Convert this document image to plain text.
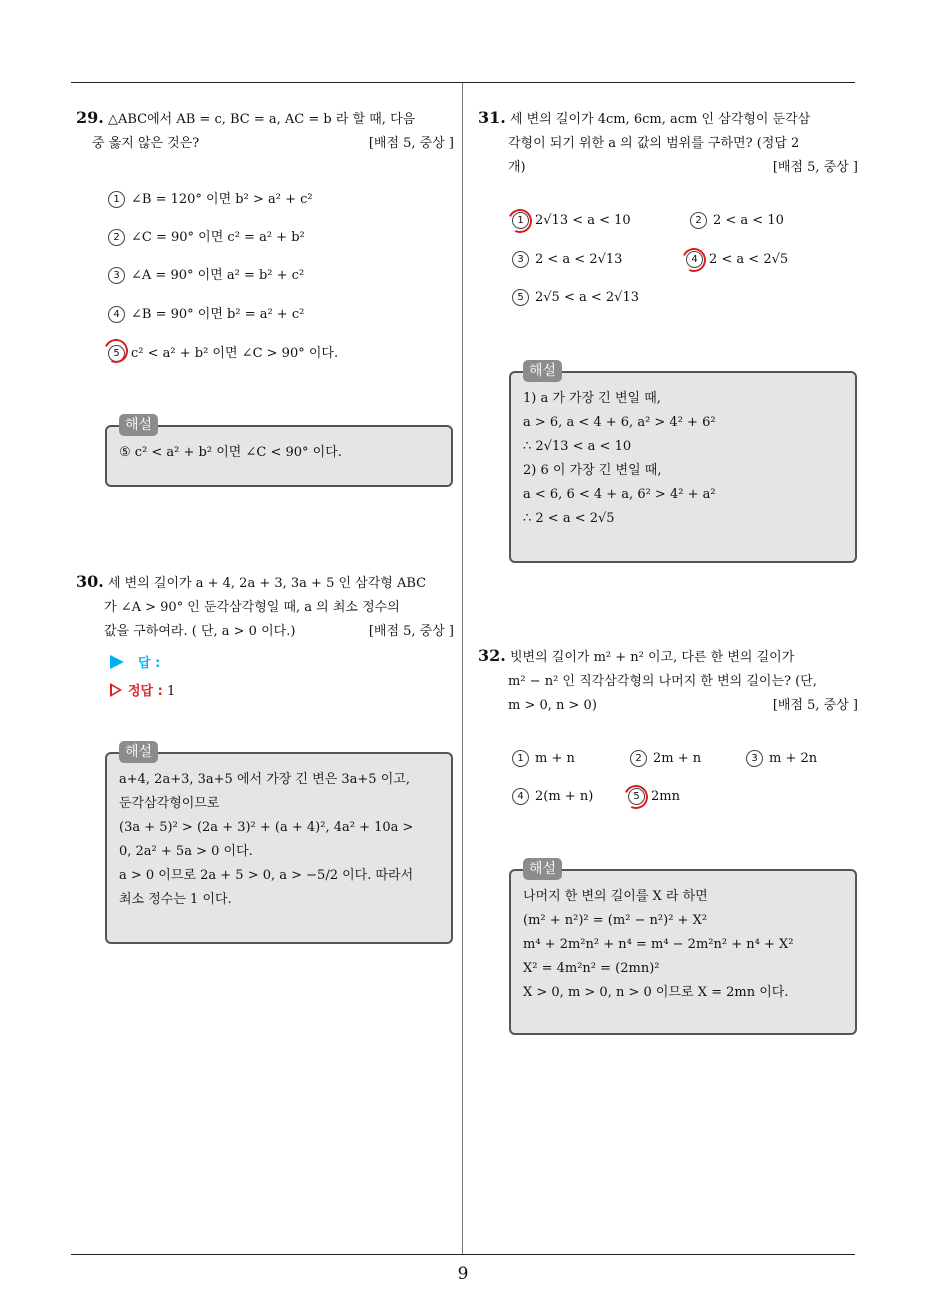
9
29. △ABC에서 AB = c, BC = a, AC = b 라 할 때, 다음
중 옳지 않은 것은?	[배점 5, 중상 ]
1 ∠B = 120° 이면 b² > a² + c²
2 ∠C = 90° 이면 c² = a² + b²
3 ∠A = 90° 이면 a² = b² + c²
4 ∠B = 90° 이면 b² = a² + c²
5 c² < a² + b² 이면 ∠C > 90° 이다.
해설
⑤ c² < a² + b² 이면 ∠C < 90° 이다.
30. 세 변의 길이가 a + 4, 2a + 3, 3a + 5 인 삼각형 ABC
가 ∠A > 90° 인 둔각삼각형일 때, a 의 최소 정수의
값을 구하여라. ( 단, a > 0 이다.)	[배점 5, 중상 ]
답 :
정답 : 1
해설
a+4, 2a+3, 3a+5 에서 가장 긴 변은 3a+5 이고,
둔각삼각형이므로
(3a + 5)² > (2a + 3)² + (a + 4)², 4a² + 10a >
0, 2a² + 5a > 0 이다.
a > 0 이므로 2a + 5 > 0, a > −5/2 이다. 따라서
최소 정수는 1 이다.
31. 세 변의 길이가 4cm, 6cm, acm 인 삼각형이 둔각삼
각형이 되기 위한 a 의 값의 범위를 구하면? (정답 2
개)	[배점 5, 중상 ]
1 2√13 < a < 10	2 2 < a < 10
3 2 < a < 2√13	4 2 < a < 2√5
5 2√5 < a < 2√13
해설
1) a 가 가장 긴 변일 때,
a > 6, a < 4 + 6, a² > 4² + 6²
∴ 2√13 < a < 10
2) 6 이 가장 긴 변일 때,
a < 6, 6 < 4 + a, 6² > 4² + a²
∴ 2 < a < 2√5
32. 빗변의 길이가 m² + n² 이고, 다른 한 변의 길이가
m² − n² 인 직각삼각형의 나머지 한 변의 길이는? (단,
m > 0, n > 0)	[배점 5, 중상 ]
1 m + n	2 2m + n	3 m + 2n
4 2(m + n)	5 2mn
해설
나머지 한 변의 길이를 X 라 하면
(m² + n²)² = (m² − n²)² + X²
m⁴ + 2m²n² + n⁴ = m⁴ − 2m²n² + n⁴ + X²
X² = 4m²n² = (2mn)²
X > 0, m > 0, n > 0 이므로 X = 2mn 이다.
